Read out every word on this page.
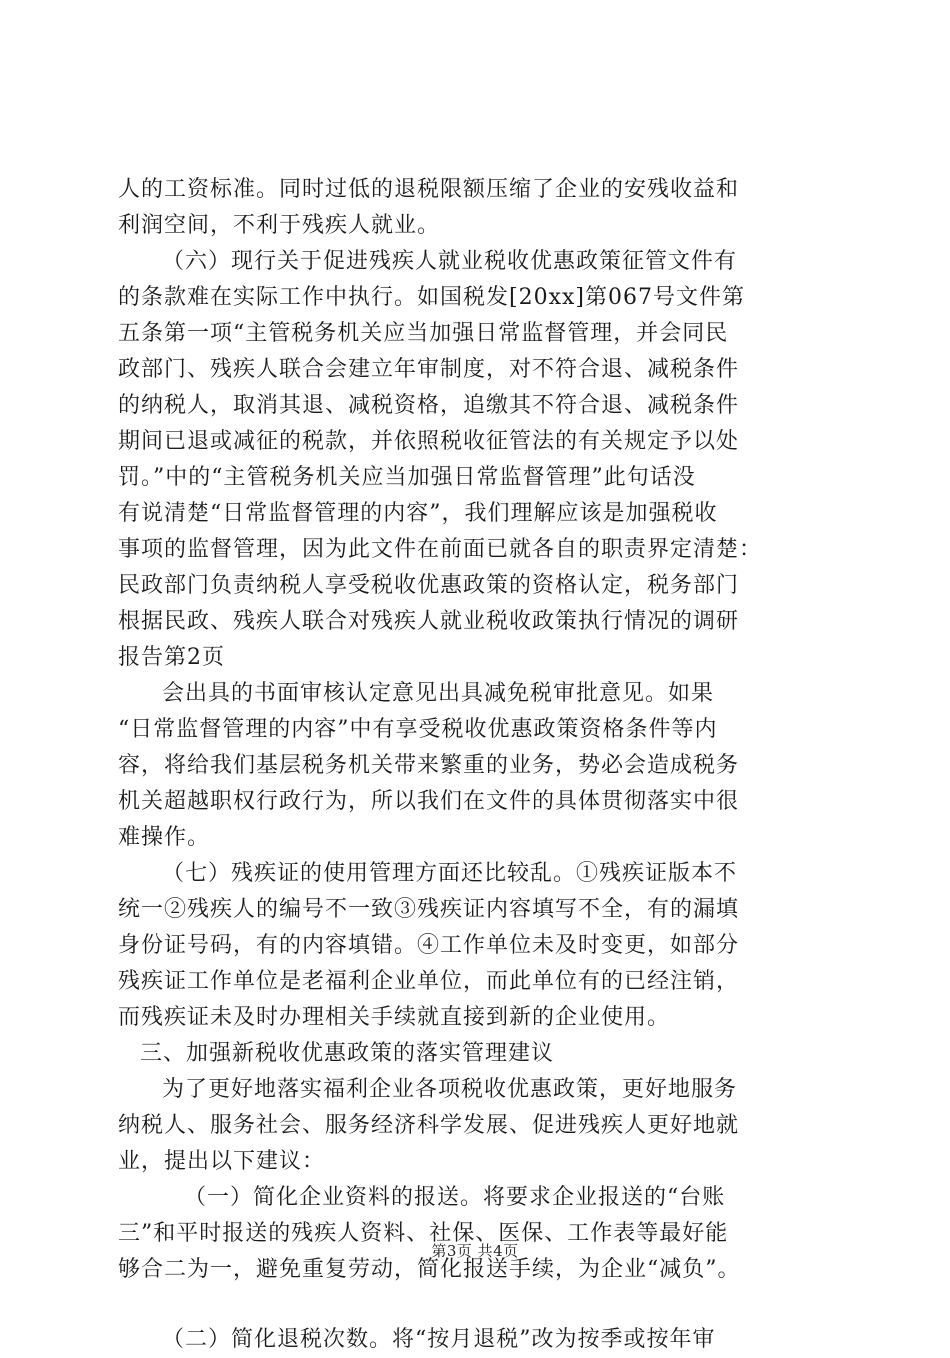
人的工资标准。同时过低的退税限额压缩了企业的安残收益和
利润空间，不利于残疾人就业。
（六）现行关于促进残疾人就业税收优惠政策征管文件有
的条款难在实际工作中执行。如国税发[20xx]第067号文件第
五条第一项“主管税务机关应当加强日常监督管理，并会同民
政部门、残疾人联合会建立年审制度，对不符合退、减税条件
的纳税人，取消其退、减税资格，追缴其不符合退、减税条件
期间已退或减征的税款，并依照税收征管法的有关规定予以处
罚。”中的“主管税务机关应当加强日常监督管理”此句话没
有说清楚“日常监督管理的内容”，我们理解应该是加强税收
事项的监督管理，因为此文件在前面已就各自的职责界定清楚：
民政部门负责纳税人享受税收优惠政策的资格认定，税务部门
根据民政、残疾人联合对残疾人就业税收政策执行情况的调研
报告第2页
会出具的书面审核认定意见出具减免税审批意见。如果
“日常监督管理的内容”中有享受税收优惠政策资格条件等内
容，将给我们基层税务机关带来繁重的业务，势必会造成税务
机关超越职权行政行为，所以我们在文件的具体贯彻落实中很
难操作。
（七）残疾证的使用管理方面还比较乱。①残疾证版本不
统一②残疾人的编号不一致③残疾证内容填写不全，有的漏填
身份证号码，有的内容填错。④工作单位未及时变更，如部分
残疾证工作单位是老福利企业单位，而此单位有的已经注销，
而残疾证未及时办理相关手续就直接到新的企业使用。
三、加强新税收优惠政策的落实管理建议
为了更好地落实福利企业各项税收优惠政策，更好地服务
纳税人、服务社会、服务经济科学发展、促进残疾人更好地就
业，提出以下建议：
（一）简化企业资料的报送。将要求企业报送的“台账
三”和平时报送的残疾人资料、社保、医保、工作表等最好能
够合二为一，避免重复劳动，简化报送手续，为企业“减负”。
（二）简化退税次数。将“按月退税”改为按季或按年审
第3页 共4页
